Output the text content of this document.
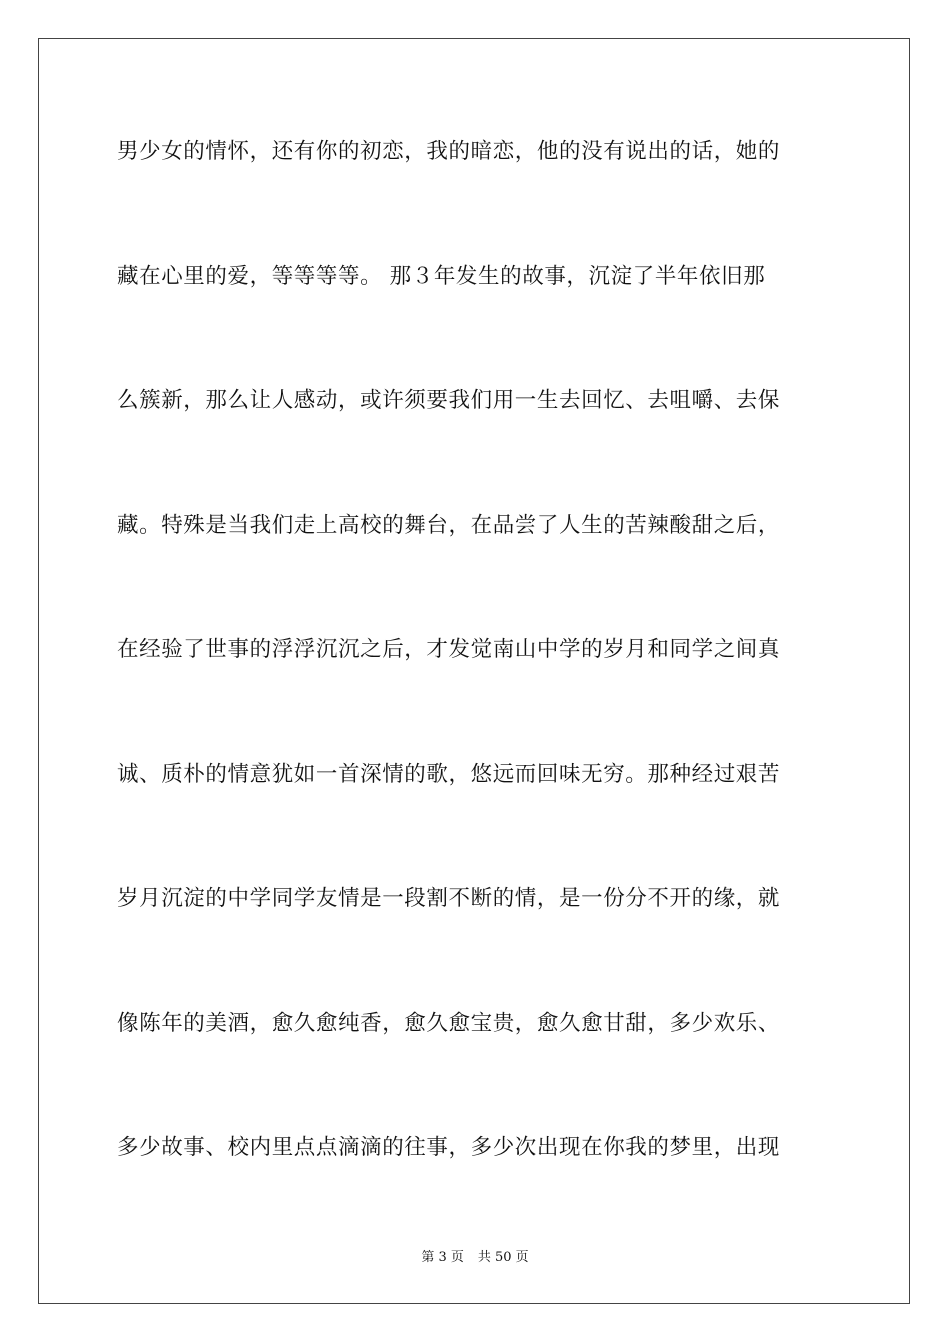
男少女的情怀，还有你的初恋，我的暗恋，他的没有说出的话，她的
藏在心里的爱，等等等等。 那３年发生的故事，沉淀了半年依旧那
么簇新，那么让人感动，或许须要我们用一生去回忆、去咀嚼、去保
藏。特殊是当我们走上高校的舞台，在品尝了人生的苦辣酸甜之后，
在经验了世事的浮浮沉沉之后，才发觉南山中学的岁月和同学之间真
诚、质朴的情意犹如一首深情的歌，悠远而回味无穷。那种经过艰苦
岁月沉淀的中学同学友情是一段割不断的情，是一份分不开的缘，就
像陈年的美酒，愈久愈纯香，愈久愈宝贵，愈久愈甘甜，多少欢乐、
多少故事、校内里点点滴滴的往事，多少次出现在你我的梦里，出现
第 3 页 共 50 页
